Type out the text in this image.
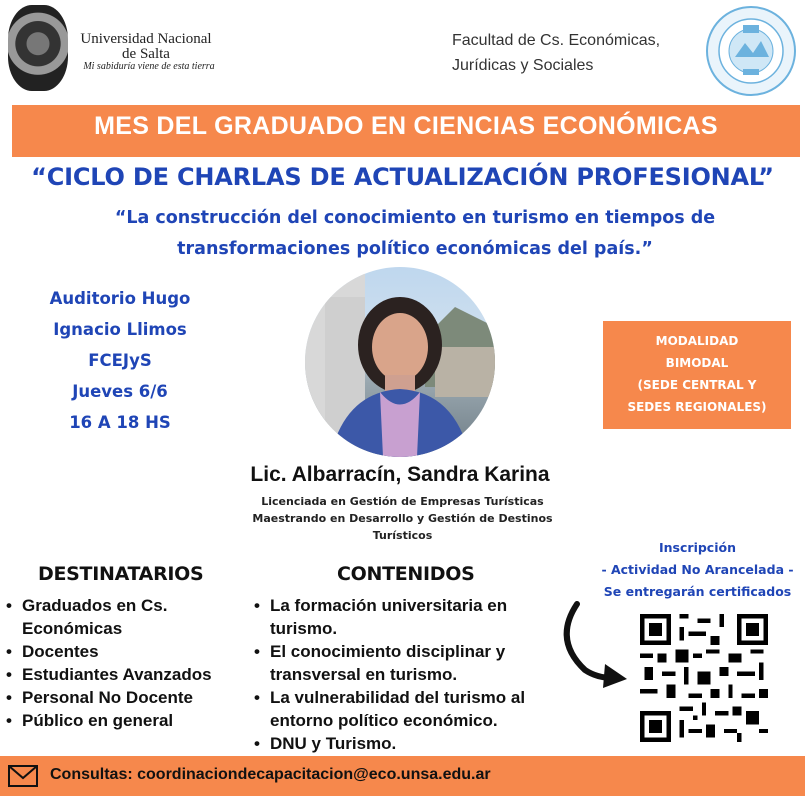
Universidad Nacional de Salta
Mi sabiduría viene de esta tierra
Facultad de Cs. Económicas,
Jurídicas y Sociales
MES DEL GRADUADO EN CIENCIAS ECONÓMICAS
“CICLO DE CHARLAS DE ACTUALIZACIÓN PROFESIONAL”
“La construcción del conocimiento en turismo en tiempos de
transformaciones político económicas del país.”
Auditorio Hugo
Ignacio Llimos
FCEJyS
Jueves 6/6
16 A 18 HS
MODALIDAD
BIMODAL
(SEDE CENTRAL Y
SEDES REGIONALES)
Lic. Albarracín, Sandra Karina
Licenciada en Gestión de Empresas Turísticas
Maestrando en Desarrollo y Gestión de Destinos
Turísticos
Inscripción
- Actividad No Arancelada -
Se entregarán certificados
DESTINATARIOS	CONTENIDOS
• Graduados en Cs. Económicas
• Docentes
• Estudiantes Avanzados
• Personal No Docente
• Público en general
• La formación universitaria en turismo.
• El conocimiento disciplinar y transversal en turismo.
• La vulnerabilidad del turismo al entorno político económico.
• DNU y Turismo.
Consultas: coordinaciondecapacitacion@eco.unsa.edu.ar
